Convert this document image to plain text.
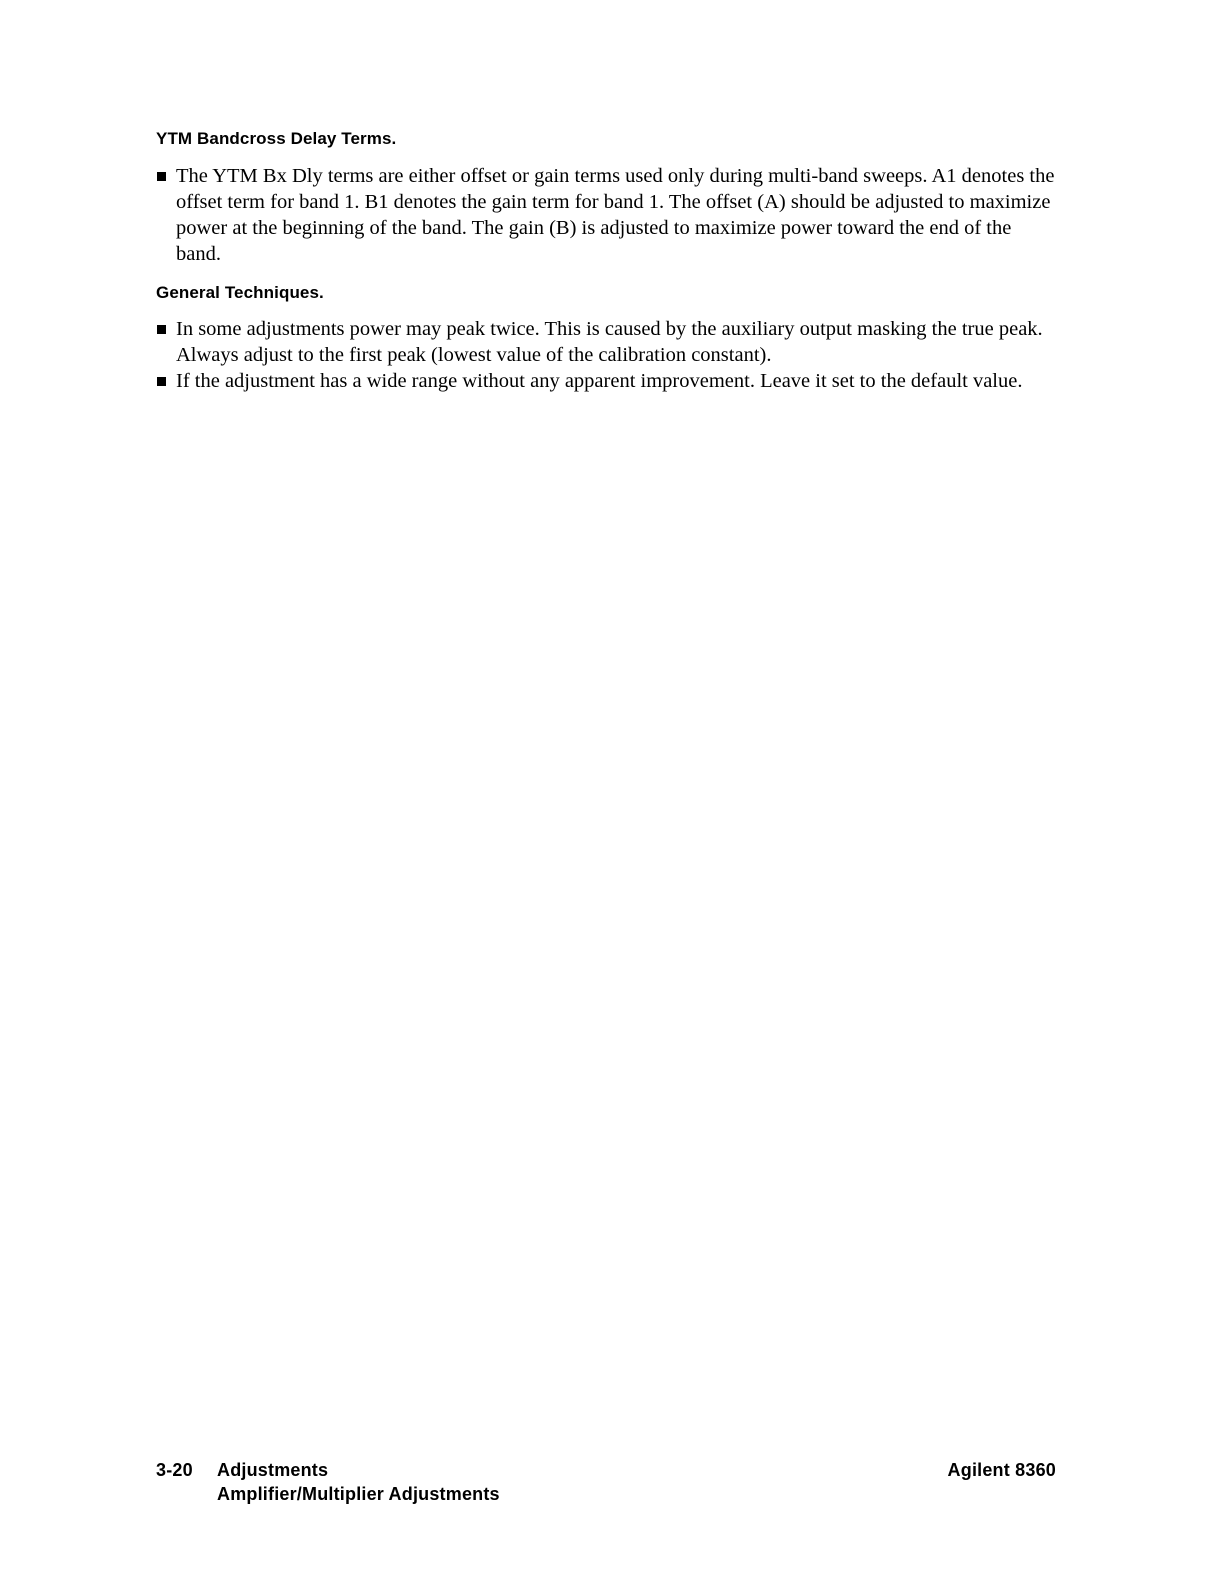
YTM Bandcross Delay Terms.
The YTM Bx Dly terms are either offset or gain terms used only during multi-band sweeps. A1 denotes the offset term for band 1. B1 denotes the gain term for band 1. The offset (A) should be adjusted to maximize power at the beginning of the band. The gain (B) is adjusted to maximize power toward the end of the band.
General Techniques.
In some adjustments power may peak twice. This is caused by the auxiliary output masking the true peak. Always adjust to the first peak (lowest value of the calibration constant).
If the adjustment has a wide range without any apparent improvement. Leave it set to the default value.
3-20 Adjustments
Amplifier/Multiplier Adjustments
Agilent 8360
